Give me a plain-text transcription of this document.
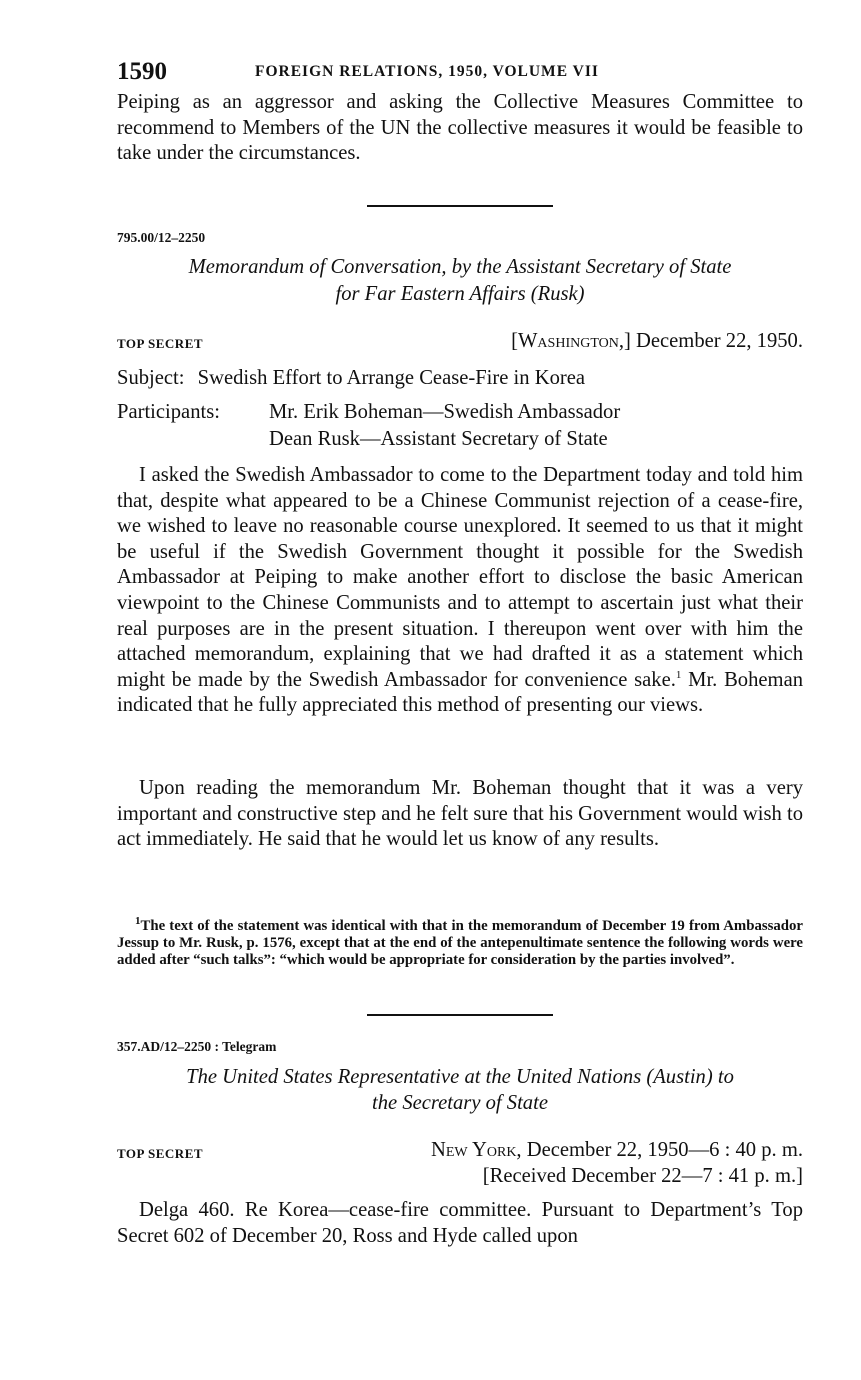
1590	FOREIGN RELATIONS, 1950, VOLUME VII

Peiping as an aggressor and asking the Collective Measures Committee to recommend to Members of the UN the collective measures it would be feasible to take under the circumstances.

795.00/12–2250
Memorandum of Conversation, by the Assistant Secretary of State
for Far Eastern Affairs (Rusk)
TOP SECRET	[Washington,] December 22, 1950.
Subject: Swedish Effort to Arrange Cease-Fire in Korea
Participants: Mr. Erik Boheman—Swedish Ambassador
Dean Rusk—Assistant Secretary of State

I asked the Swedish Ambassador to come to the Department today and told him that, despite what appeared to be a Chinese Communist rejection of a cease-fire, we wished to leave no reasonable course unexplored. It seemed to us that it might be useful if the Swedish Government thought it possible for the Swedish Ambassador at Peiping to make another effort to disclose the basic American viewpoint to the Chinese Communists and to attempt to ascertain just what their real purposes are in the present situation. I thereupon went over with him the attached memorandum, explaining that we had drafted it as a statement which might be made by the Swedish Ambassador for convenience sake.$^1$ Mr. Boheman indicated that he fully appreciated this method of presenting our views.

Upon reading the memorandum Mr. Boheman thought that it was a very important and constructive step and he felt sure that his Government would wish to act immediately. He said that he would let us know of any results.

$^1$The text of the statement was identical with that in the memorandum of December 19 from Ambassador Jessup to Mr. Rusk, p. 1576, except that at the end of the antepenultimate sentence the following words were added after “such talks”: “which would be appropriate for consideration by the parties involved”.
357.AD/12–2250 : Telegram
The United States Representative at the United Nations (Austin) to
the Secretary of State
TOP SECRET	New York, December 22, 1950—6 : 40 p. m.
[Received December 22—7 : 41 p. m.]

Delga 460. Re Korea—cease-fire committee. Pursuant to Department’s Top Secret 602 of December 20, Ross and Hyde called upon
